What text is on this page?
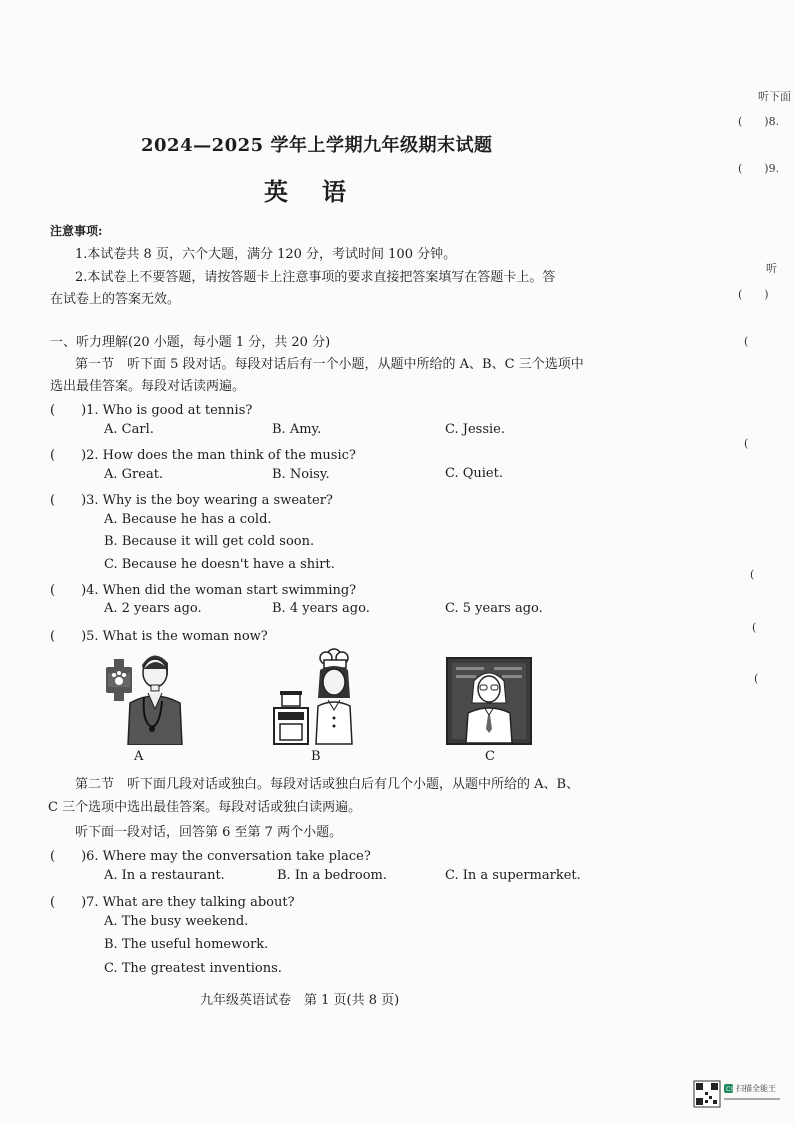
2024—2025 学年上学期九年级期末试题
英语
注意事项:
1.本试卷共 8 页，六个大题，满分 120 分，考试时间 100 分钟。
2.本试卷上不要答题，请按答题卡上注意事项的要求直接把答案填写在答题卡上。答
在试卷上的答案无效。
一、听力理解(20 小题，每小题 1 分，共 20 分)
第一节　听下面 5 段对话。每段对话后有一个小题，从题中所给的 A、B、C 三个选项中
选出最佳答案。每段对话读两遍。
(　　)1. Who is good at tennis?
A. Carl.	B. Amy.	C. Jessie.
(　　)2. How does the man think of the music?
A. Great.	B. Noisy.	C. Quiet.
(　　)3. Why is the boy wearing a sweater?
A. Because he has a cold.
B. Because it will get cold soon.
C. Because he doesn't have a shirt.
(　　)4. When did the woman start swimming?
A. 2 years ago.	B. 4 years ago.	C. 5 years ago.
(　　)5. What is the woman now?
A	B	C
第二节　听下面几段对话或独白。每段对话或独白后有几个小题，从题中所给的 A、B、
C 三个选项中选出最佳答案。每段对话或独白读两遍。
听下面一段对话，回答第 6 至第 7 两个小题。
(　　)6. Where may the conversation take place?
A. In a restaurant.	B. In a bedroom.	C. In a supermarket.
(　　)7. What are they talking about?
A. The busy weekend.
B. The useful homework.
C. The greatest inventions.
九年级英语试卷　第 1 页(共 8 页)
听下面
(　　)8.
(　　)9.
听
(　　)
(
(
(
(
(
CS 扫描全能王
